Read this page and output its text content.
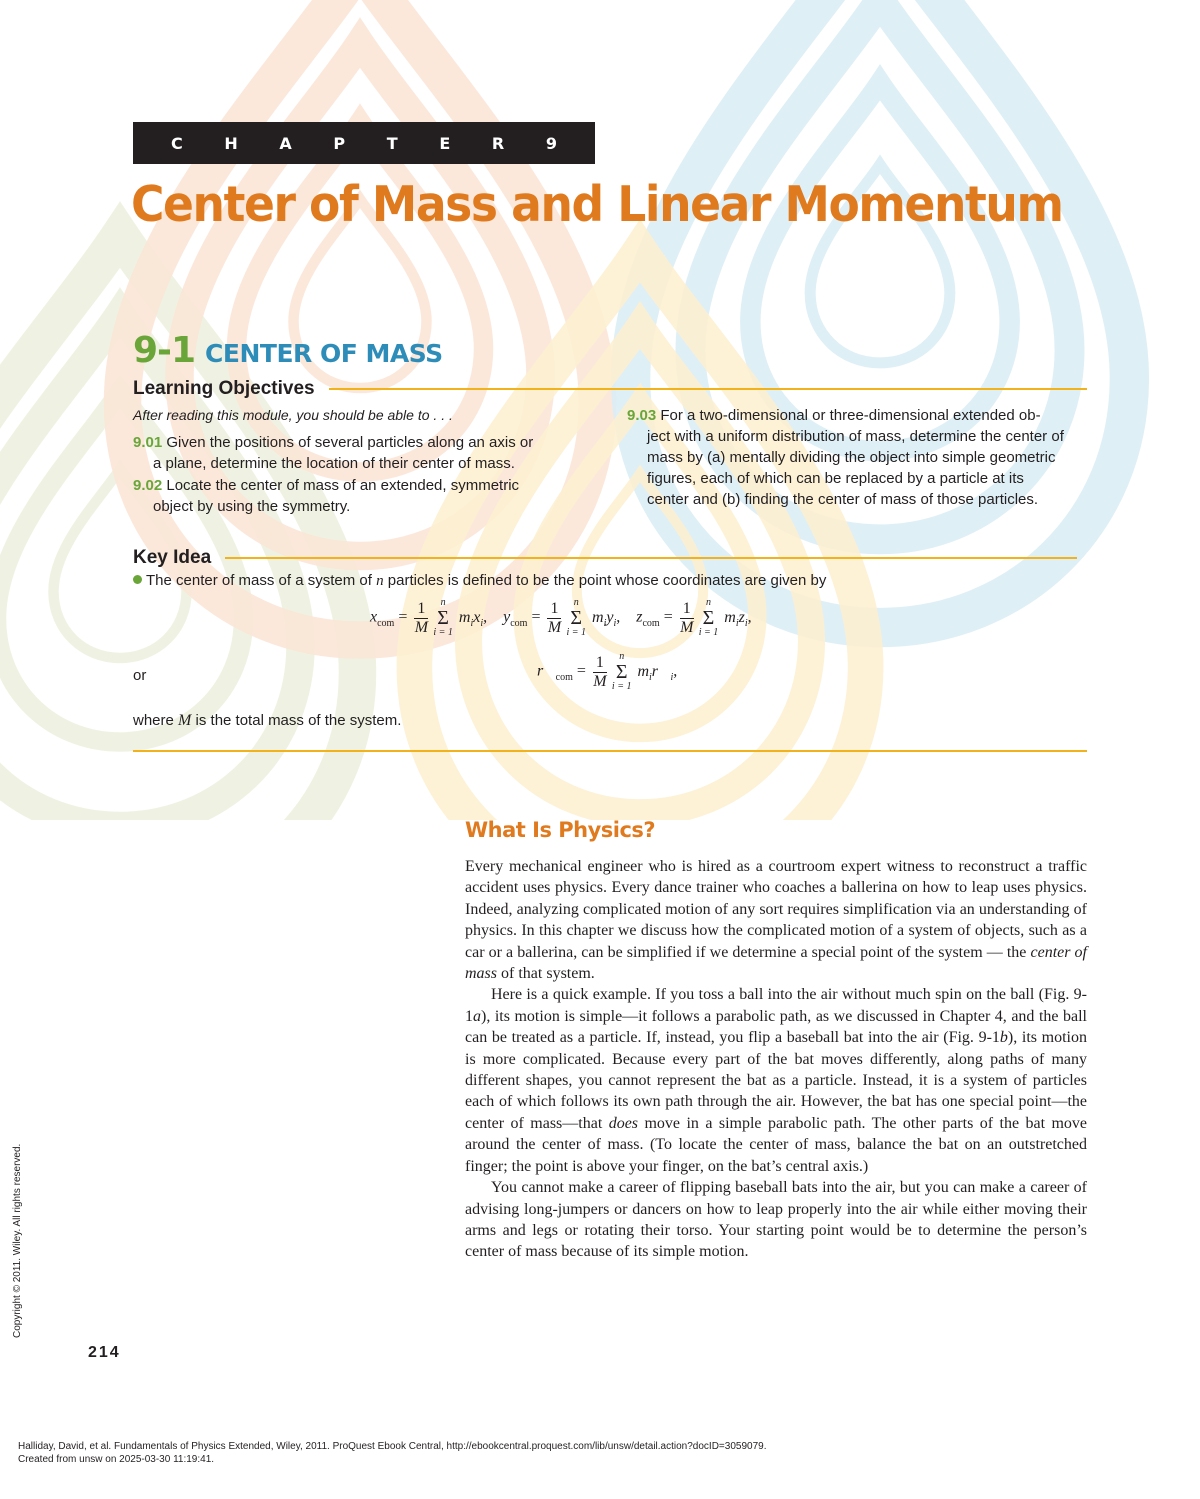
C	H	A	P	T	E	R	9
Center of Mass and Linear Momentum
9-1 CENTER OF MASS
Learning Objectives
After reading this module, you should be able to . . .
9.01 Given the positions of several particles along an axis or
a plane, determine the location of their center of mass.
9.02 Locate the center of mass of an extended, symmetric
object by using the symmetry.
9.03 For a two-dimensional or three-dimensional extended ob-
ject with a uniform distribution of mass, determine the center of mass by (a) mentally dividing the object into simple geometric figures, each of which can be replaced by a particle at its center and (b) finding the center of mass of those particles.
Key Idea
The center of mass of a system of n particles is defined to be the point whose coordinates are given by
$x_{com} = \frac{1}{M}$	n
Σ
i = 1
$m_ix_i$,    $y_{com} = \frac{1}{M}$	n
Σ
i = 1
$m_iy_i$,    $z_{com} = \frac{1}{M}$	n
Σ
i = 1
$m_iz_i$,
or	$r⃗_{com} = \frac{1}{M}$	n
Σ
i = 1
$m_ir⃗_i$,
where M is the total mass of the system.
What Is Physics?

Every mechanical engineer who is hired as a courtroom expert witness to reconstruct a traffic accident uses physics. Every dance trainer who coaches a ballerina on how to leap uses physics. Indeed, analyzing complicated motion of any sort requires simplification via an understanding of physics. In this chapter we discuss how the complicated motion of a system of objects, such as a car or a ballerina, can be simplified if we determine a special point of the system — the center of mass of that system.

Here is a quick example. If you toss a ball into the air without much spin on the ball (Fig. 9-1a), its motion is simple—it follows a parabolic path, as we discussed in Chapter 4, and the ball can be treated as a particle. If, instead, you flip a baseball bat into the air (Fig. 9-1b), its motion is more complicated. Because every part of the bat moves differently, along paths of many different shapes, you cannot represent the bat as a particle. Instead, it is a system of particles each of which follows its own path through the air. However, the bat has one special point—the center of mass—that does move in a simple parabolic path. The other parts of the bat move around the center of mass. (To locate the center of mass, balance the bat on an outstretched finger; the point is above your finger, on the bat’s central axis.)

You cannot make a career of flipping baseball bats into the air, but you can make a career of advising long-jumpers or dancers on how to leap properly into the air while either moving their arms and legs or rotating their torso. Your starting point would be to determine the person’s center of mass because of its simple motion.

Copyright © 2011. Wiley. All rights reserved.
214
Halliday, David, et al. Fundamentals of Physics Extended, Wiley, 2011. ProQuest Ebook Central, http://ebookcentral.proquest.com/lib/unsw/detail.action?docID=3059079.
Created from unsw on 2025-03-30 11:19:41.
